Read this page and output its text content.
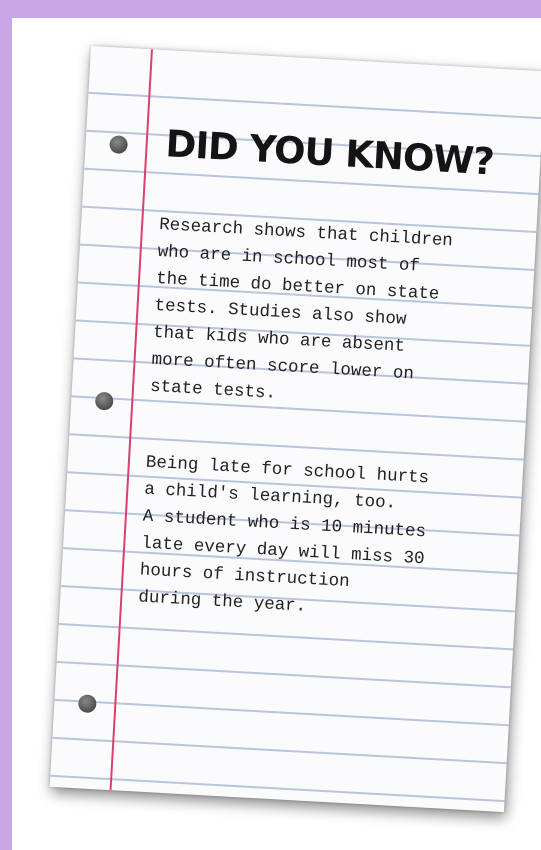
DID YOU KNOW?

Research shows that children
who are in school most of
the time do better on state
tests. Studies also show
that kids who are absent
more often score lower on
state tests.

Being late for school hurts
a child's learning, too.
A student who is 10 minutes
late every day will miss 30
hours of instruction
during the year.
